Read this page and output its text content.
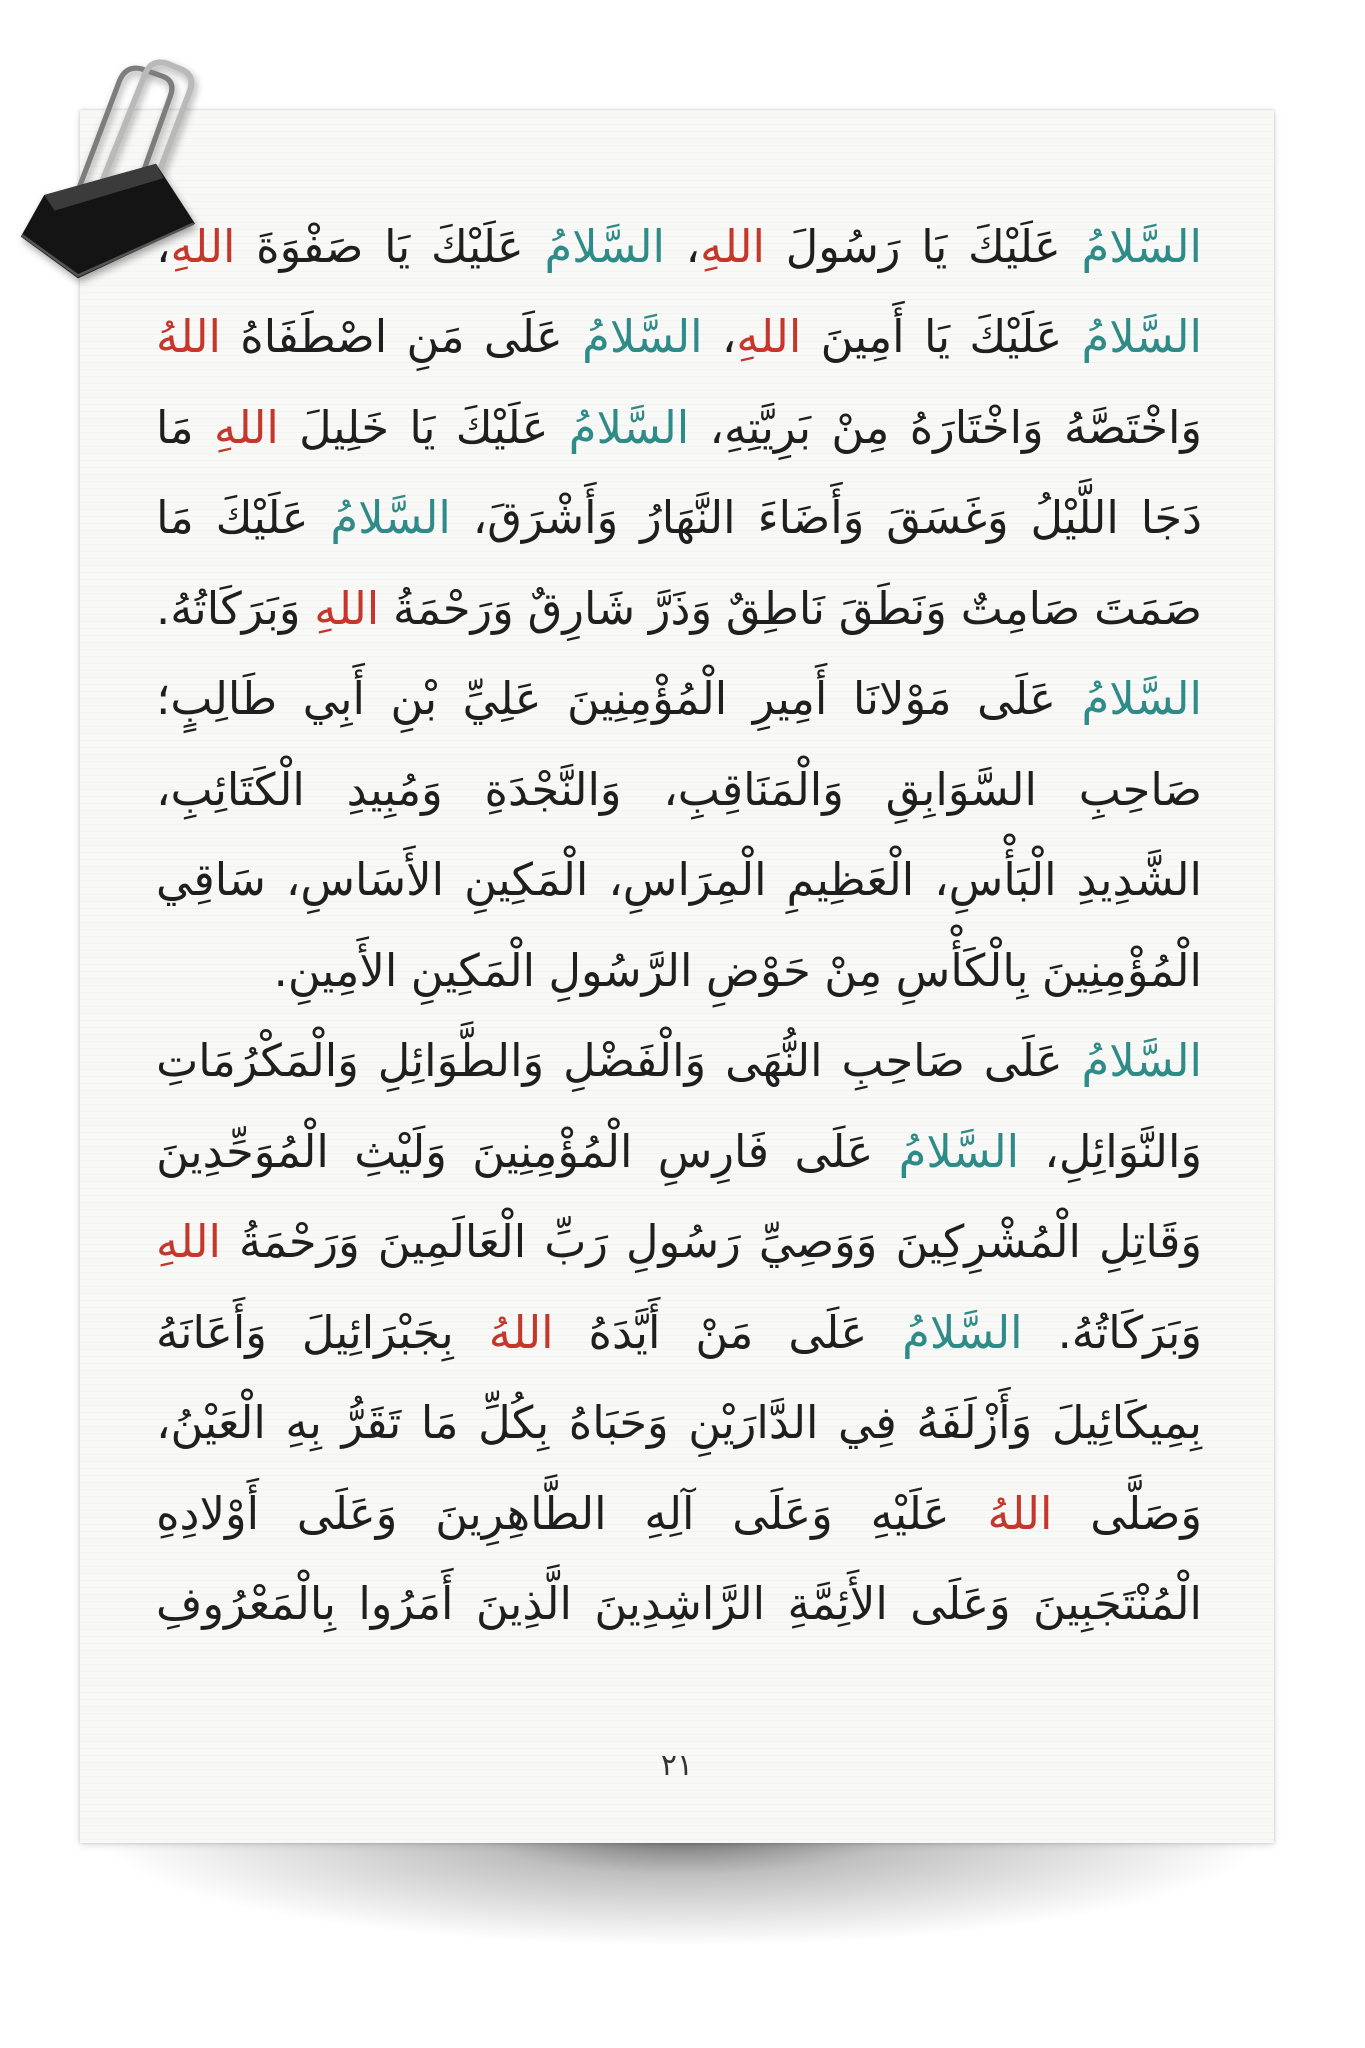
السَّلامُ
عَلَيْكَ
يَا
رَسُولَ
اللهِ،
السَّلامُ
عَلَيْكَ
يَا
صَفْوَةَ
اللهِ،
السَّلامُ
عَلَيْكَ
يَا
أَمِينَ
اللهِ،
السَّلامُ
عَلَى
مَنِ
اصْطَفَاهُ
اللهُ
وَاخْتَصَّهُ
وَاخْتَارَهُ
مِنْ
بَرِيَّتِهِ،
السَّلامُ
عَلَيْكَ
يَا
خَلِيلَ
اللهِ
مَا
دَجَا
اللَّيْلُ
وَغَسَقَ
وَأَضَاءَ
النَّهَارُ
وَأَشْرَقَ،
السَّلامُ
عَلَيْكَ
مَا
صَمَتَ
صَامِتٌ
وَنَطَقَ
نَاطِقٌ
وَذَرَّ
شَارِقٌ
وَرَحْمَةُ
اللهِ
وَبَرَكَاتُهُ.
السَّلامُ
عَلَى
مَوْلانَا
أَمِيرِ
الْمُؤْمِنِينَ
عَلِيِّ
بْنِ
أَبِي
طَالِبٍ؛
صَاحِبِ
السَّوَابِقِ
وَالْمَنَاقِبِ،
وَالنَّجْدَةِ
وَمُبِيدِ
الْكَتَائِبِ،
الشَّدِيدِ
الْبَأْسِ،
الْعَظِيمِ
الْمِرَاسِ،
الْمَكِينِ
الأَسَاسِ،
سَاقِي
الْمُؤْمِنِينَ
بِالْكَأْسِ
مِنْ
حَوْضِ
الرَّسُولِ
الْمَكِينِ
الأَمِينِ.
السَّلامُ
عَلَى
صَاحِبِ
النُّهَى
وَالْفَضْلِ
وَالطَّوَائِلِ
وَالْمَكْرُمَاتِ
وَالنَّوَائِلِ،
السَّلامُ
عَلَى
فَارِسِ
الْمُؤْمِنِينَ
وَلَيْثِ
الْمُوَحِّدِينَ
وَقَاتِلِ
الْمُشْرِكِينَ
وَوَصِيِّ
رَسُولِ
رَبِّ
الْعَالَمِينَ
وَرَحْمَةُ
اللهِ
وَبَرَكَاتُهُ.
السَّلامُ
عَلَى
مَنْ
أَيَّدَهُ
اللهُ
بِجَبْرَائِيلَ
وَأَعَانَهُ
بِمِيكَائِيلَ
وَأَزْلَفَهُ
فِي
الدَّارَيْنِ
وَحَبَاهُ
بِكُلِّ
مَا
تَقَرُّ
بِهِ
الْعَيْنُ،
وَصَلَّى
اللهُ
عَلَيْهِ
وَعَلَى
آلِهِ
الطَّاهِرِينَ
وَعَلَى
أَوْلادِهِ
الْمُنْتَجَبِينَ
وَعَلَى
الأَئِمَّةِ
الرَّاشِدِينَ
الَّذِينَ
أَمَرُوا
بِالْمَعْرُوفِ
٢١
